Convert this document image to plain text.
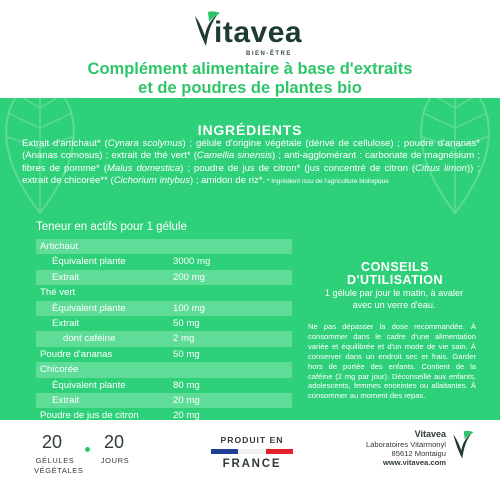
itavea
BIEN-ÊTRE
Complément alimentaire à base d'extraits
et de poudres de plantes bio
INGRÉDIENTS
Extrait d'artichaut* (Cynara scolymus) ; gélule d'origine végétale (dérivé de cellulose) ; poudre d'ananas* (Ananas comosus) ; extrait de thé vert* (Camellia sinensis) ; anti-agglomérant : carbonate de magnésium ; fibres de pomme* (Malus domestica) ; poudre de jus de citron* (jus concentré de citron (Citrus limon)) ; extrait de chicorée** (Cichorium intybus) ; amidon de riz*. * Ingrédient issu de l'agriculture biologique
Teneur en actifs pour 1 gélule
Artichaut
Équivalent plante	3000 mg
Extrait	200 mg
Thé vert
Équivalent plante	100 mg
Extrait	50 mg
dont caféine	2 mg
Poudre d'ananas	50 mg
Chicorée
Équivalent plante	80 mg
Extrait	20 mg
Poudre de jus de citron	20 mg
CONSEILS
D'UTILISATION
1 gélule par jour le matin, à avaler avec un verre d'eau.
Ne pas dépasser la dose recommandée. À consommer dans le cadre d'une alimentation variée et équilibrée et d'un mode de vie sain. À conserver dans un endroit sec et frais. Garder hors de portée des enfants. Contient de la caféine (2 mg par jour). Déconseillé aux enfants, adolescents, femmes enceintes ou allaitantes. À consommer au moment des repas.
20
GÉLULES
VÉGÉTALES
20
JOURS
PRODUIT EN
FRANCE
Vitavea
Laboratoires Vitarmonyl
85612 Montaigu
www.vitavea.com
